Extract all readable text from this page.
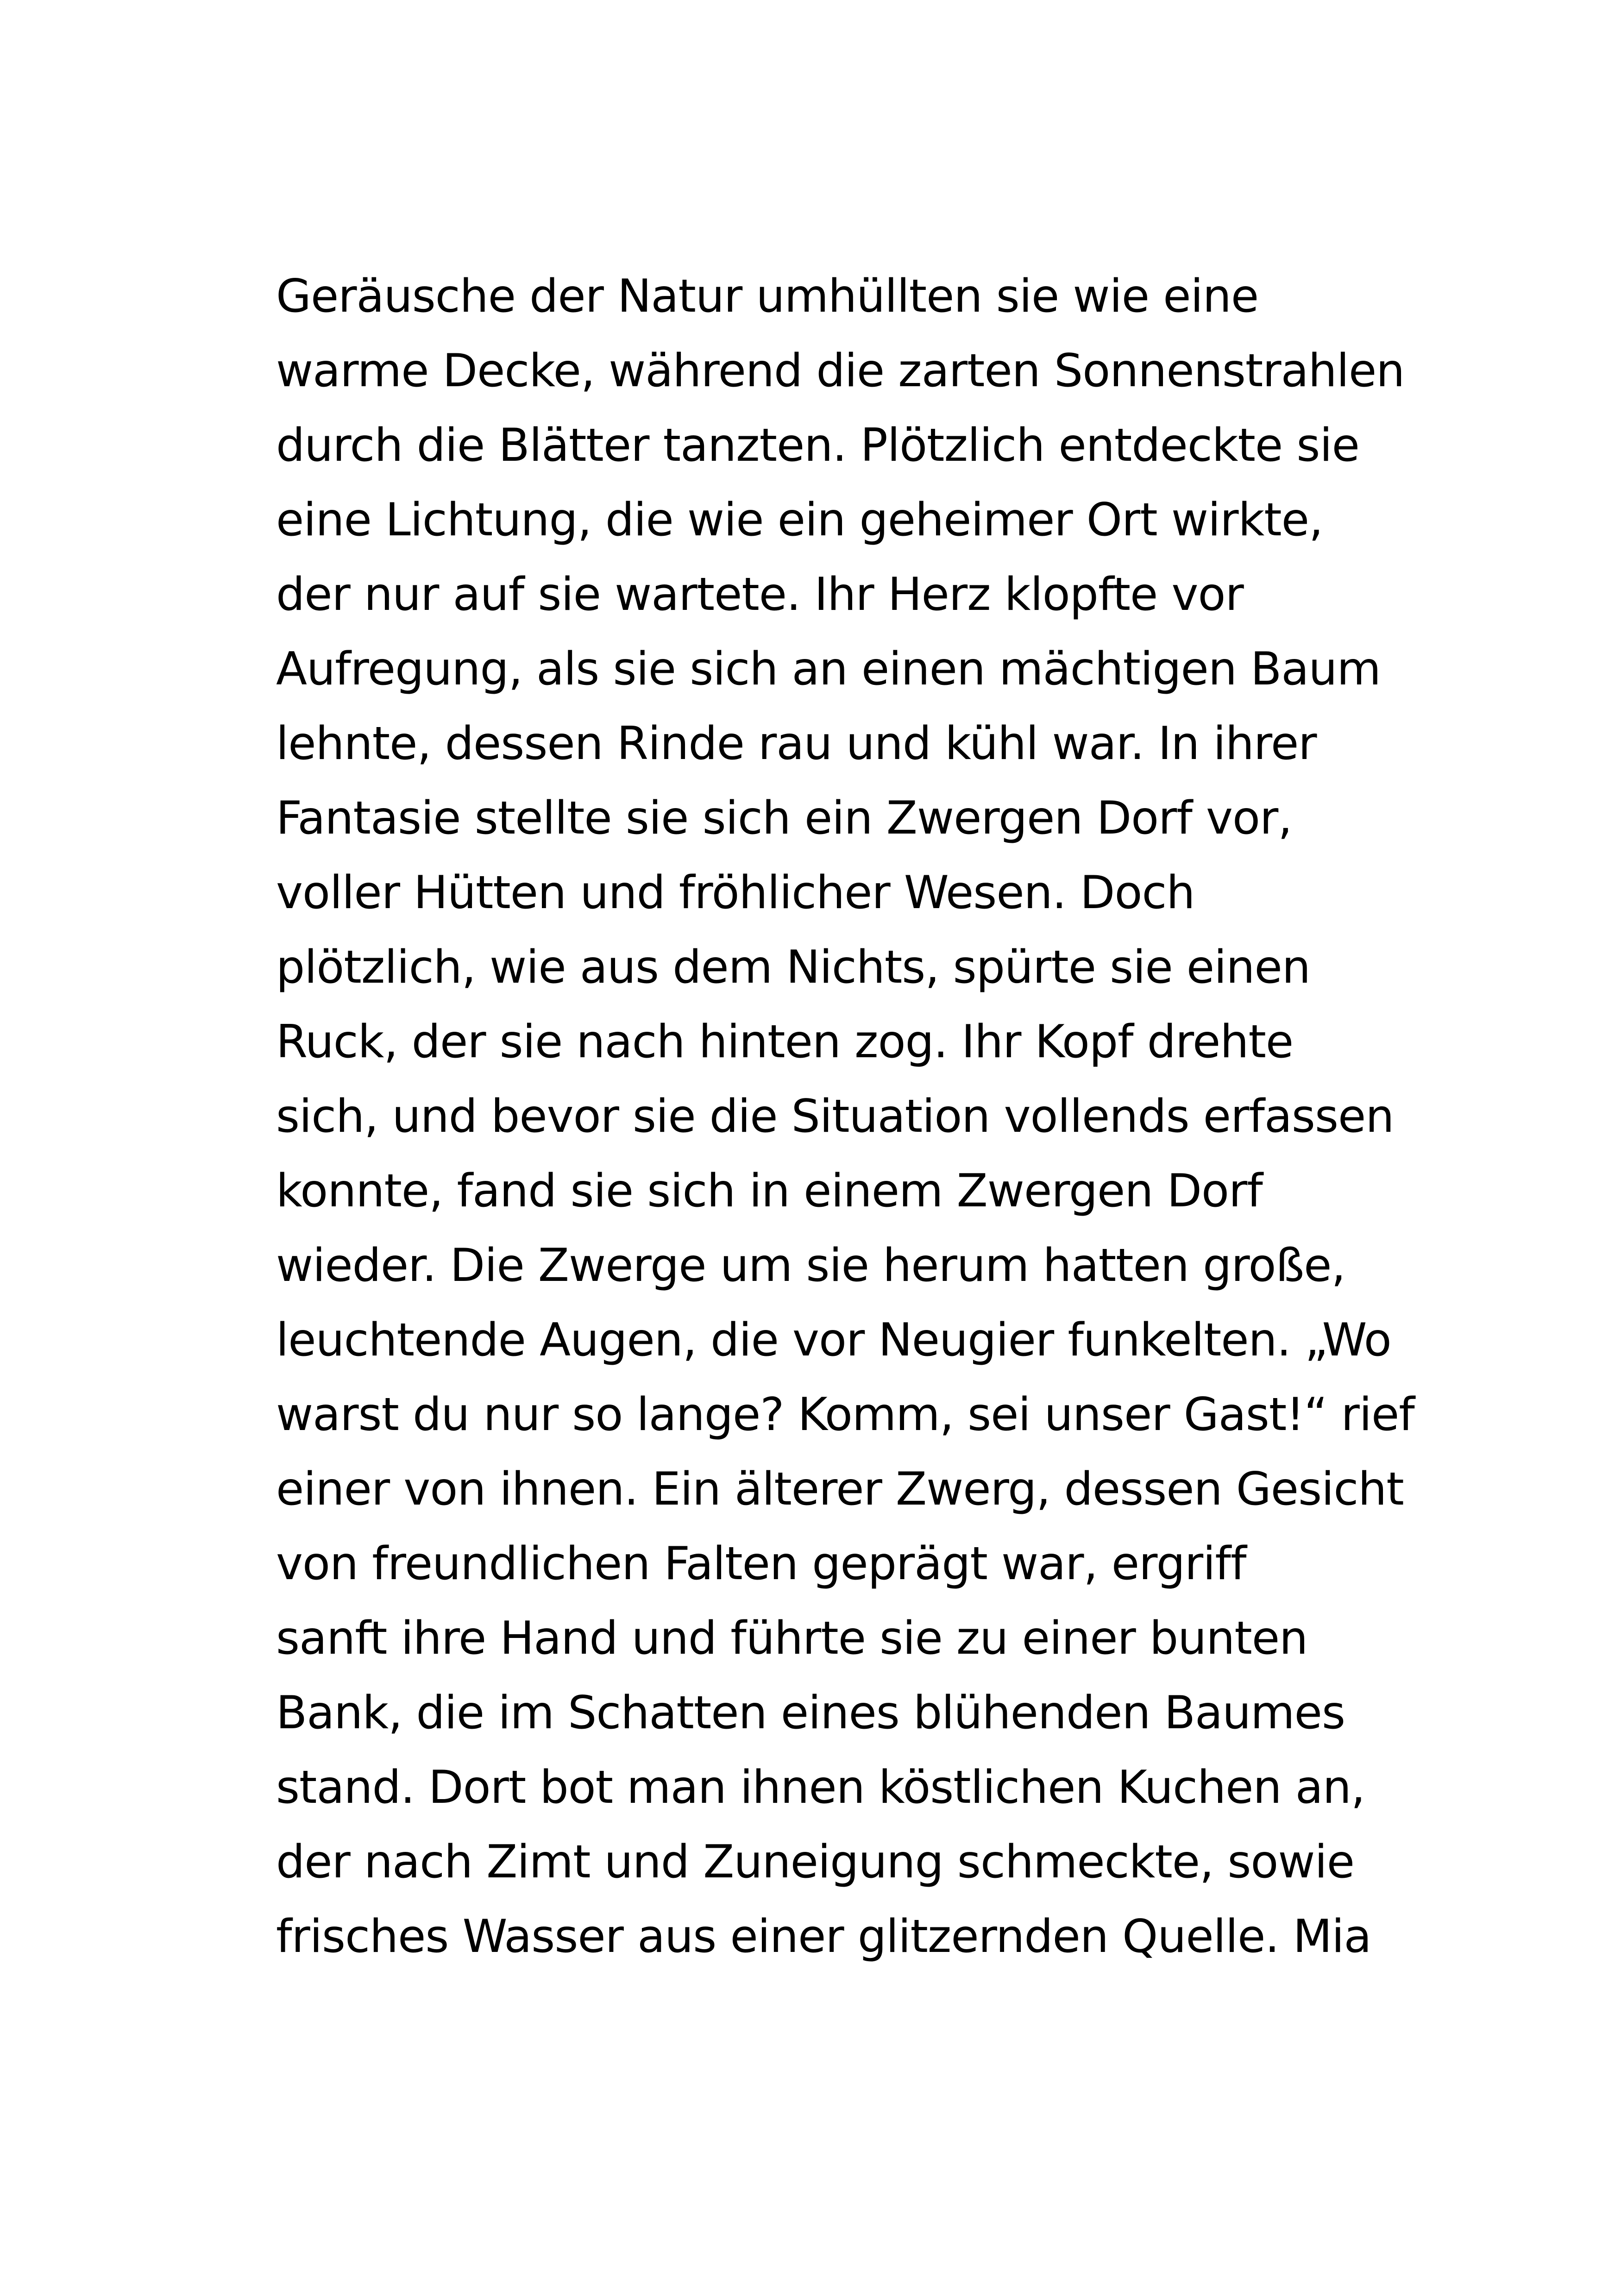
Geräusche der Natur umhüllten sie wie eine
warme Decke, während die zarten Sonnenstrahlen
durch die Blätter tanzten. Plötzlich entdeckte sie
eine Lichtung, die wie ein geheimer Ort wirkte,
der nur auf sie wartete. Ihr Herz klopfte vor
Aufregung, als sie sich an einen mächtigen Baum
lehnte, dessen Rinde rau und kühl war. In ihrer
Fantasie stellte sie sich ein Zwergen Dorf vor,
voller Hütten und fröhlicher Wesen. Doch
plötzlich, wie aus dem Nichts, spürte sie einen
Ruck, der sie nach hinten zog. Ihr Kopf drehte
sich, und bevor sie die Situation vollends erfassen
konnte, fand sie sich in einem Zwergen Dorf
wieder. Die Zwerge um sie herum hatten große,
leuchtende Augen, die vor Neugier funkelten. „Wo
warst du nur so lange? Komm, sei unser Gast!“ rief
einer von ihnen. Ein älterer Zwerg, dessen Gesicht
von freundlichen Falten geprägt war, ergriff
sanft ihre Hand und führte sie zu einer bunten
Bank, die im Schatten eines blühenden Baumes
stand. Dort bot man ihnen köstlichen Kuchen an,
der nach Zimt und Zuneigung schmeckte, sowie
frisches Wasser aus einer glitzernden Quelle. Mia
